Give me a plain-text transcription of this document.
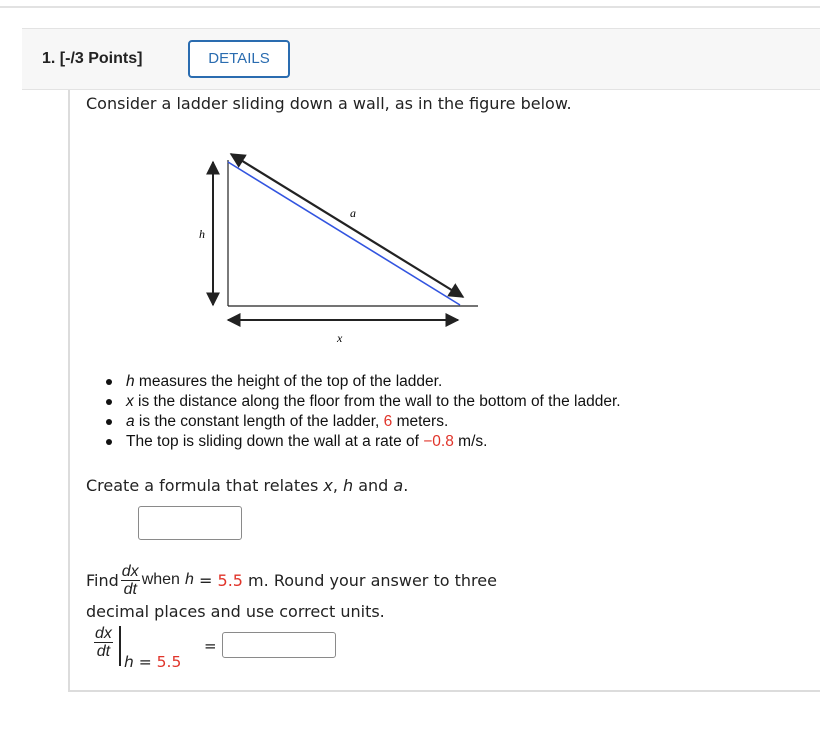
1. [-/3 Points]	DETAILS
Consider a ladder sliding down a wall, as in the figure below.
h
a
x
h measures the height of the top of the ladder.
x is the distance along the floor from the wall to the bottom of the ladder.
a is the constant length of the ladder, 6 meters.
The top is sliding down the wall at a rate of −0.8 m/s.
Create a formula that relates x, h and a.
Find $\frac{dx}{dt}$ when
h = 5.5 m. Round your answer to three
decimal places and use correct units.
$\frac{dx}{dt}$
h = 5.5
=
